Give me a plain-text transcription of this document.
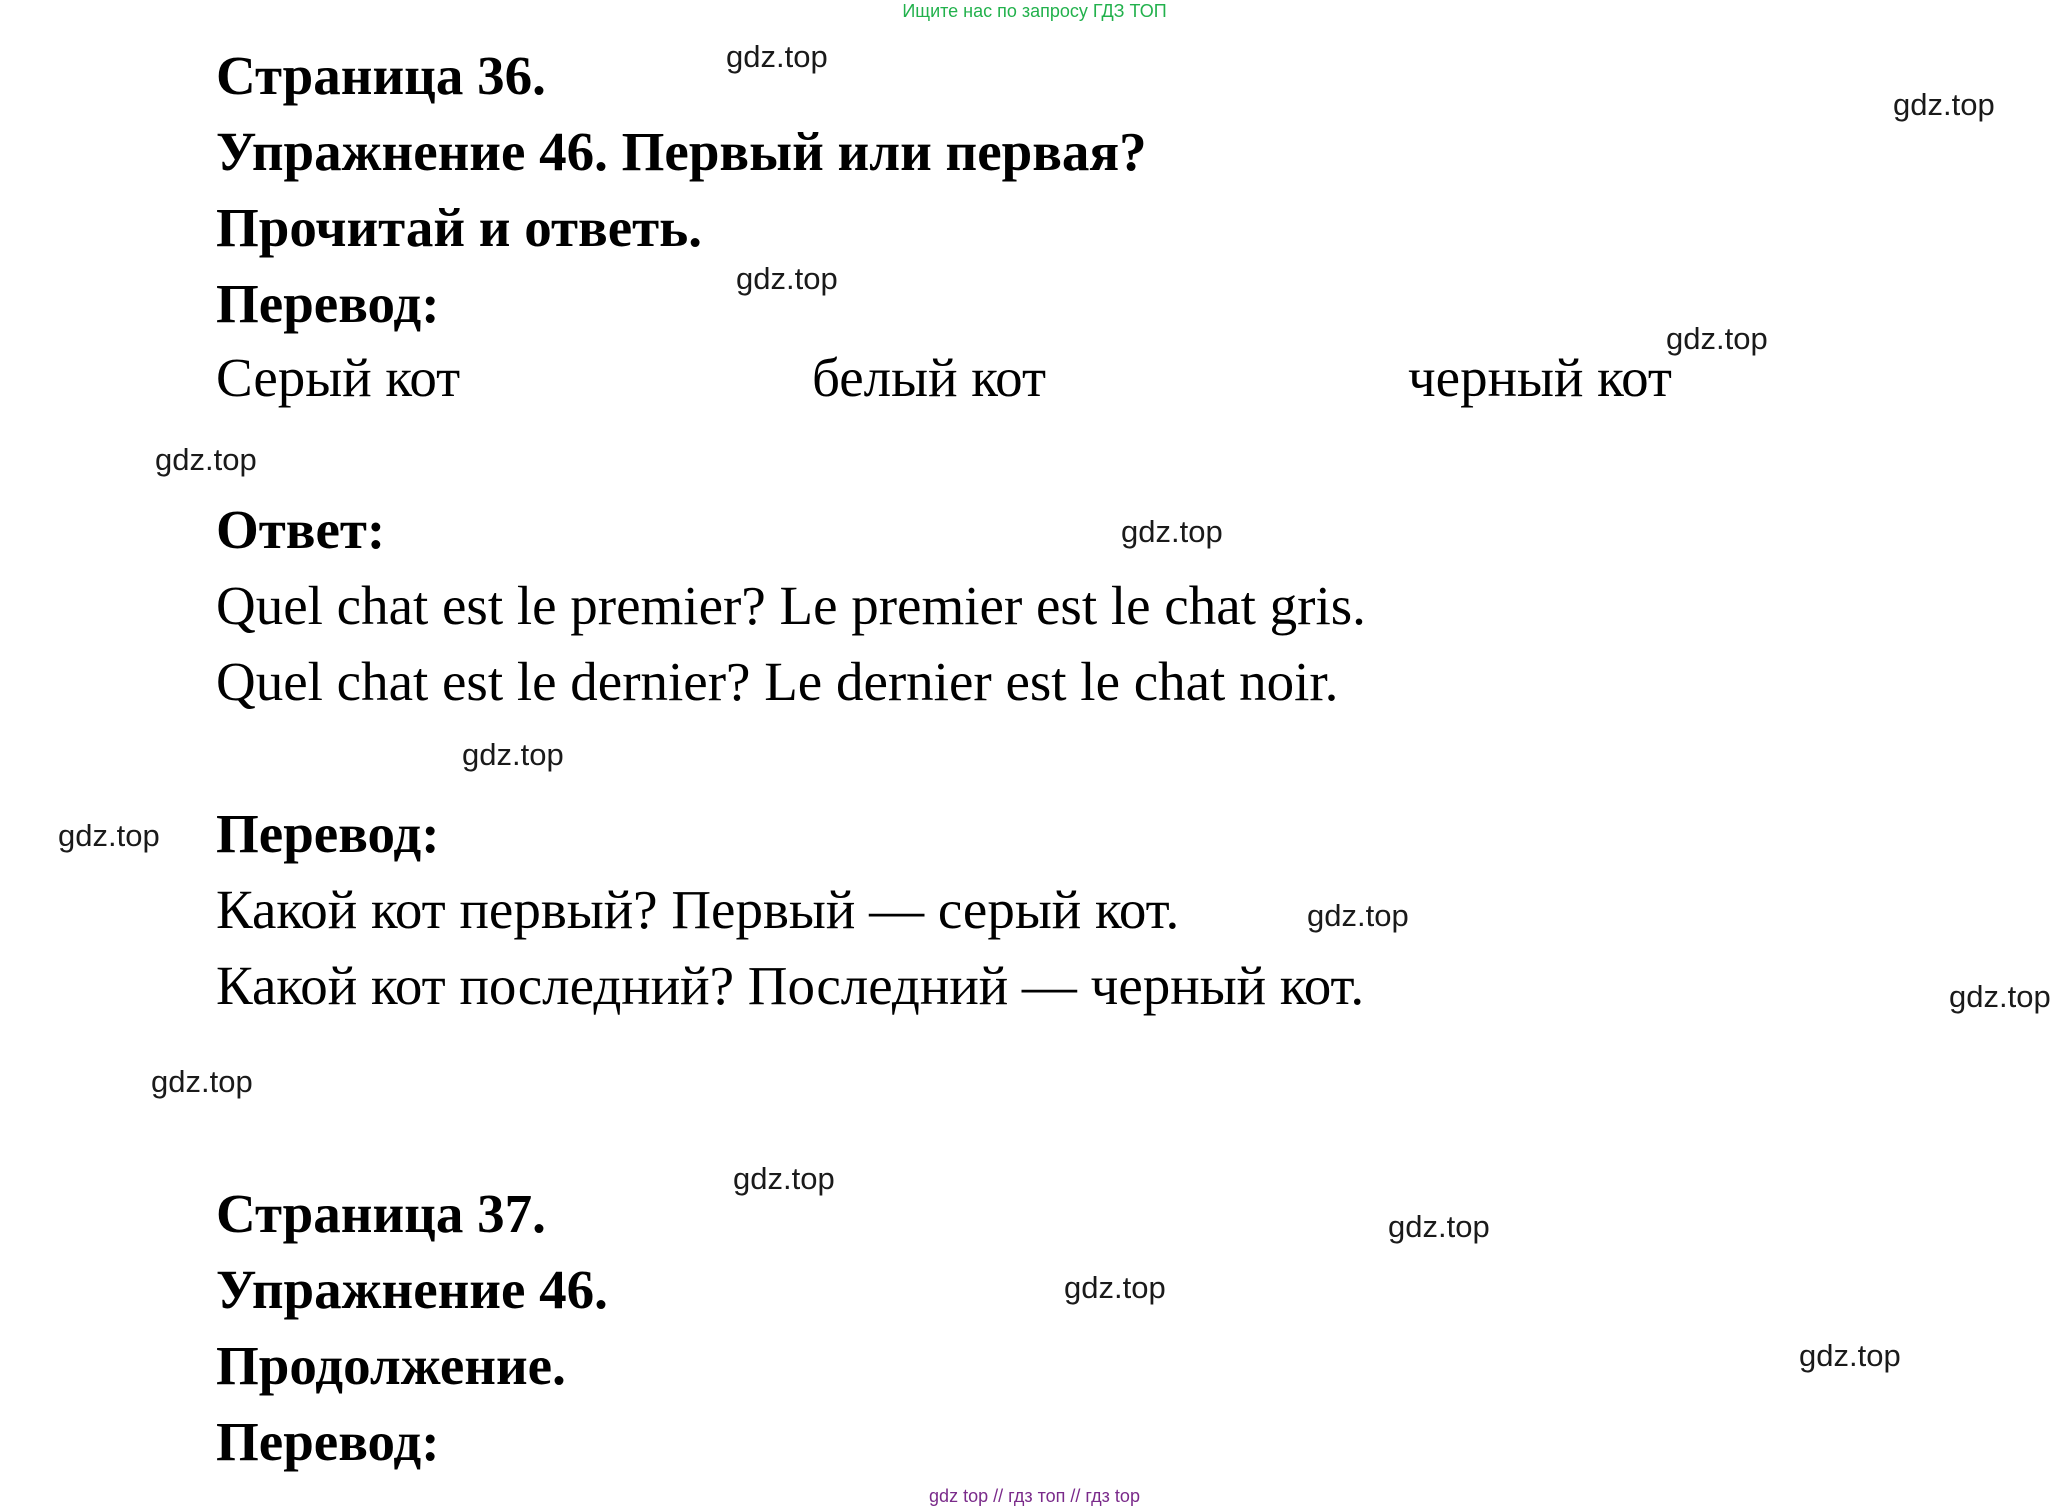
Ищите нас по запросу ГДЗ ТОП
Страница 36.
Упражнение 46. Первый или первая?
Прочитай и ответь.
Перевод:
Серый кот	белый кот	черный кот
Ответ:
Quel chat est le premier? Le premier est le chat gris.
Quel chat est le dernier? Le dernier est le chat noir.
Перевод:
Какой кот первый? Первый — серый кот.
Какой кот последний? Последний — черный кот.
Страница 37.
Упражнение 46.
Продолжение.
Перевод:
gdz.top
gdz.top
gdz.top
gdz.top
gdz.top
gdz.top
gdz.top
gdz.top
gdz.top
gdz.top
gdz.top
gdz.top
gdz.top
gdz.top
gdz.top
gdz top // гдз топ // гдз top
